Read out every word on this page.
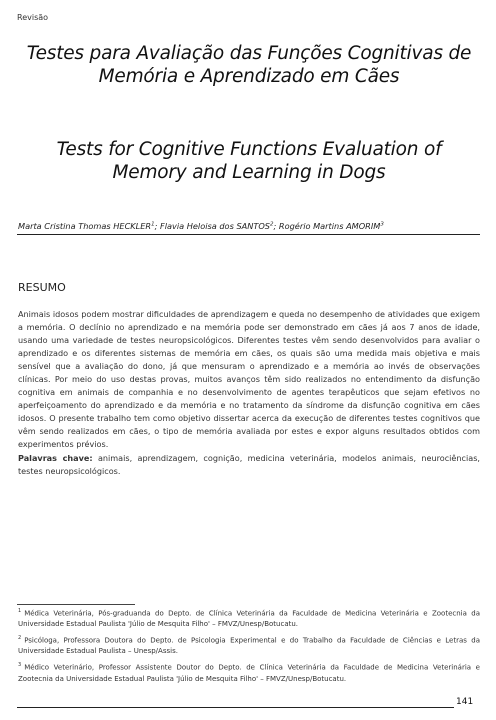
Revisão
Testes para Avaliação das Funções Cognitivas de Memória e Aprendizado em Cães
Tests for Cognitive Functions Evaluation of Memory and Learning in Dogs
Marta Cristina Thomas HECKLER$^1$; Flavia Heloisa dos SANTOS$^2$; Rogério Martins AMORIM$^3$
RESUMO

Animais idosos podem mostrar dificuldades de aprendizagem e queda no desempenho de atividades que exigem a memória. O declínio no aprendizado e na memória pode ser demonstrado em cães já aos 7 anos de idade, usando uma variedade de testes neuropsicológicos. Diferentes testes vêm sendo desenvolvidos para avaliar o aprendizado e os diferentes sistemas de memória em cães, os quais são uma medida mais objetiva e mais sensível que a avaliação do dono, já que mensuram o aprendizado e a memória ao invés de observações clínicas. Por meio do uso destas provas, muitos avanços têm sido realizados no entendimento da disfunção cognitiva em animais de companhia e no desenvolvimento de agentes terapêuticos que sejam efetivos no aperfeiçoamento do aprendizado e da memória e no tratamento da síndrome da disfunção cognitiva em cães idosos. O presente trabalho tem como objetivo dissertar acerca da execução de diferentes testes cognitivos que vêm sendo realizados em cães, o tipo de memória avaliada por estes e expor alguns resultados obtidos com experimentos prévios.

Palavras chave: animais, aprendizagem, cognição, medicina veterinária, modelos animais, neurociências, testes neuropsicológicos.

$^1$ Médica Veterinária, Pós-graduanda do Depto. de Clínica Veterinária da Faculdade de Medicina Veterinária e Zootecnia da Universidade Estadual Paulista 'Júlio de Mesquita Filho' – FMVZ/Unesp/Botucatu.

$^2$ Psicóloga, Professora Doutora do Depto. de Psicologia Experimental e do Trabalho da Faculdade de Ciências e Letras da Universidade Estadual Paulista – Unesp/Assis.

$^3$ Médico Veterinário, Professor Assistente Doutor do Depto. de Clínica Veterinária da Faculdade de Medicina Veterinária e Zootecnia da Universidade Estadual Paulista 'Júlio de Mesquita Filho' – FMVZ/Unesp/Botucatu.

141
